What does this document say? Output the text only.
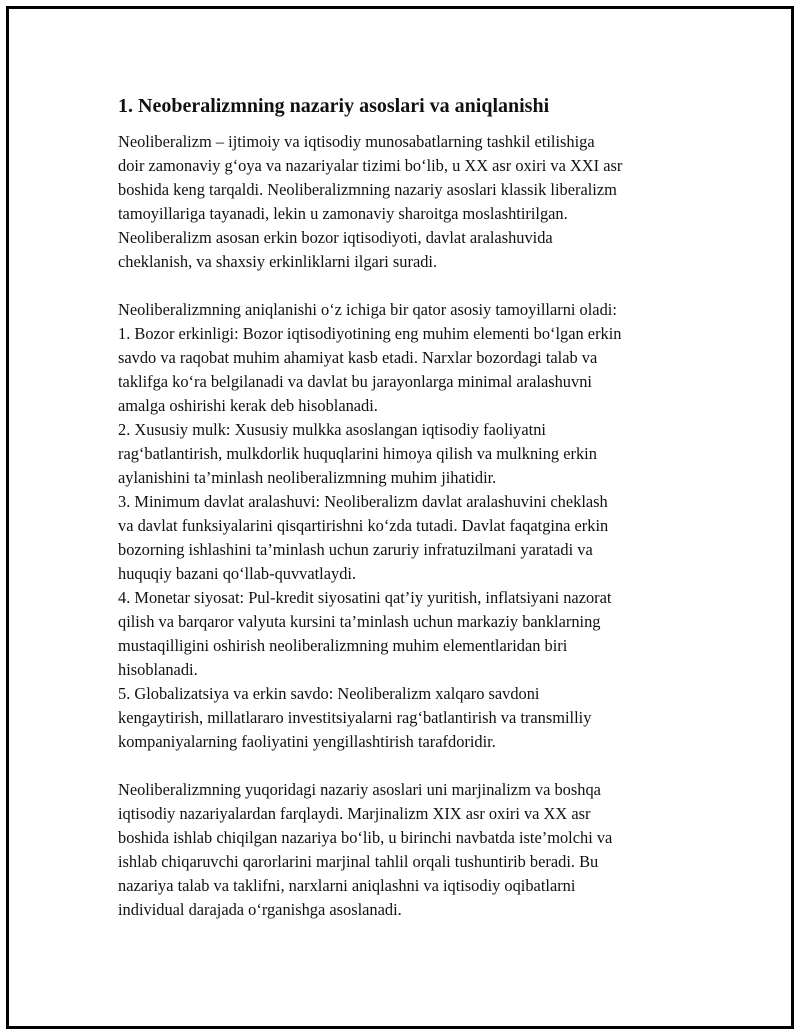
1. Neoberalizmning nazariy asoslari va aniqlanishi

Neoliberalizm – ijtimoiy va iqtisodiy munosabatlarning tashkil etilishiga
doir zamonaviy g‘oya va nazariyalar tizimi bo‘lib, u XX asr oxiri va XXI asr
boshida keng tarqaldi. Neoliberalizmning nazariy asoslari klassik liberalizm
tamoyillariga tayanadi, lekin u zamonaviy sharoitga moslashtirilgan.
Neoliberalizm asosan erkin bozor iqtisodiyoti, davlat aralashuvida
cheklanish, va shaxsiy erkinliklarni ilgari suradi.

Neoliberalizmning aniqlanishi o‘z ichiga bir qator asosiy tamoyillarni oladi:
1. Bozor erkinligi: Bozor iqtisodiyotining eng muhim elementi bo‘lgan erkin
savdo va raqobat muhim ahamiyat kasb etadi. Narxlar bozordagi talab va
taklifga ko‘ra belgilanadi va davlat bu jarayonlarga minimal aralashuvni
amalga oshirishi kerak deb hisoblanadi.
2. Xususiy mulk: Xususiy mulkka asoslangan iqtisodiy faoliyatni
rag‘batlantirish, mulkdorlik huquqlarini himoya qilish va mulkning erkin
aylanishini ta’minlash neoliberalizmning muhim jihatidir.
3. Minimum davlat aralashuvi: Neoliberalizm davlat aralashuvini cheklash
va davlat funksiyalarini qisqartirishni ko‘zda tutadi. Davlat faqatgina erkin
bozorning ishlashini ta’minlash uchun zaruriy infratuzilmani yaratadi va
huquqiy bazani qo‘llab-quvvatlaydi.
4. Monetar siyosat: Pul-kredit siyosatini qat’iy yuritish, inflatsiyani nazorat
qilish va barqaror valyuta kursini ta’minlash uchun markaziy banklarning
mustaqilligini oshirish neoliberalizmning muhim elementlaridan biri
hisoblanadi.
5. Globalizatsiya va erkin savdo: Neoliberalizm xalqaro savdoni
kengaytirish, millatlararo investitsiyalarni rag‘batlantirish va transmilliy
kompaniyalarning faoliyatini yengillashtirish tarafdoridir.

Neoliberalizmning yuqoridagi nazariy asoslari uni marjinalizm va boshqa
iqtisodiy nazariyalardan farqlaydi. Marjinalizm XIX asr oxiri va XX asr
boshida ishlab chiqilgan nazariya bo‘lib, u birinchi navbatda iste’molchi va
ishlab chiqaruvchi qarorlarini marjinal tahlil orqali tushuntirib beradi. Bu
nazariya talab va taklifni, narxlarni aniqlashni va iqtisodiy oqibatlarni
individual darajada o‘rganishga asoslanadi.
